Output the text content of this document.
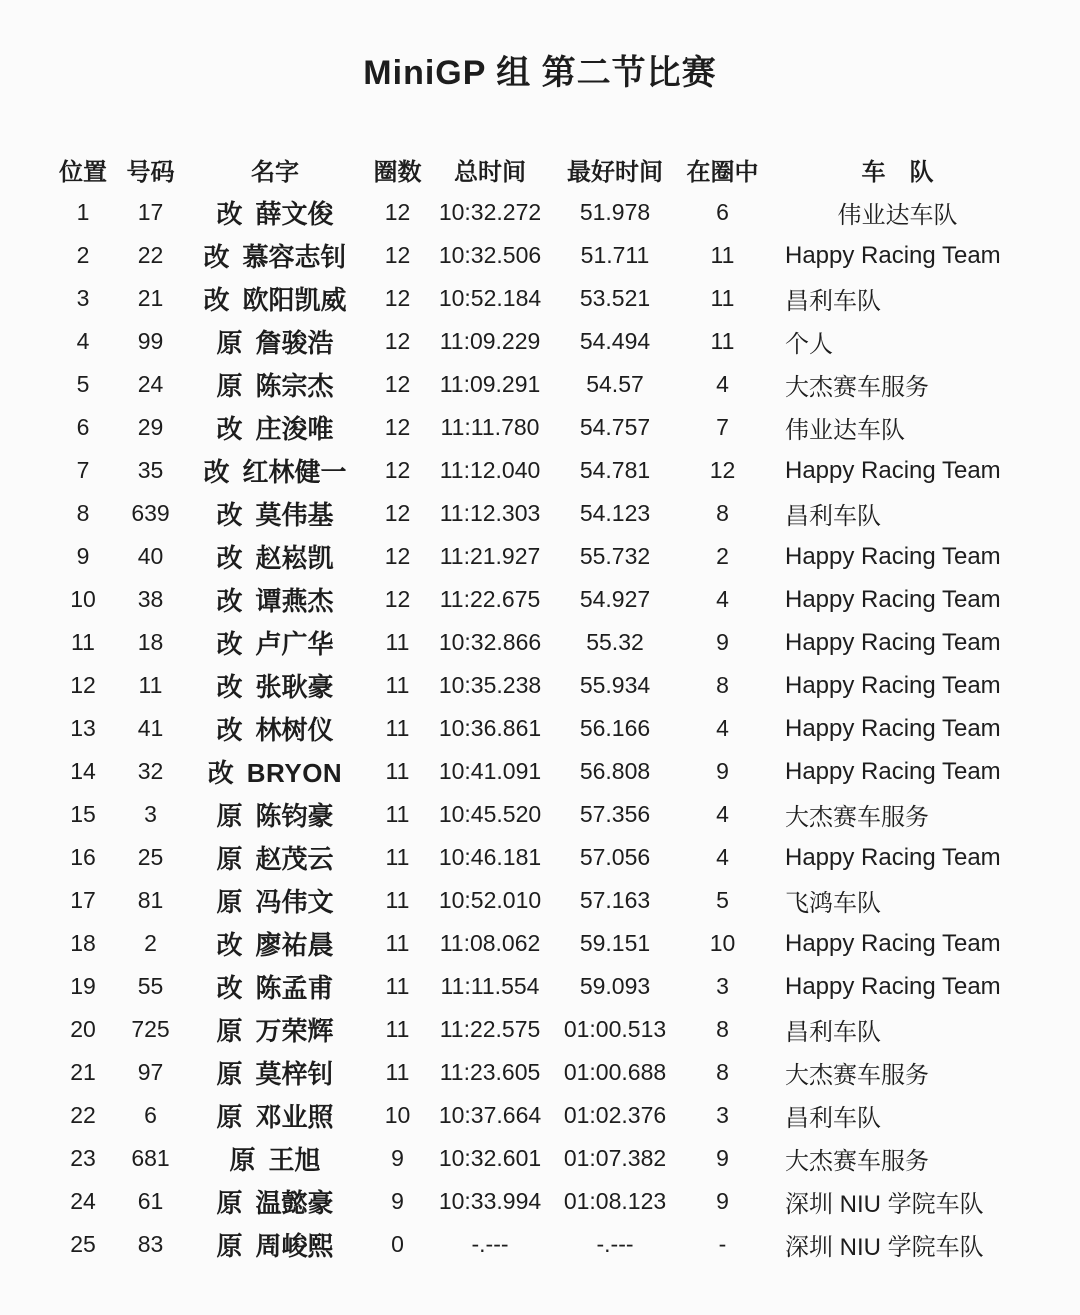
MiniGP 组 第二节比赛
位置	号码	名字	圈数	总时间	最好时间	在圈中	车　队
1	17	改 薛文俊	12	10:32.272	51.978	6	伟业达车队
2	22	改 慕容志钊	12	10:32.506	51.711	11	Happy Racing Team
3	21	改 欧阳凯威	12	10:52.184	53.521	11	昌利车队
4	99	原 詹骏浩	12	11:09.229	54.494	11	个人
5	24	原 陈宗杰	12	11:09.291	54.57	4	大杰赛车服务
6	29	改 庄浚唯	12	11:11.780	54.757	7	伟业达车队
7	35	改 红林健一	12	11:12.040	54.781	12	Happy Racing Team
8	639	改 莫伟基	12	11:12.303	54.123	8	昌利车队
9	40	改 赵崧凯	12	11:21.927	55.732	2	Happy Racing Team
10	38	改 谭燕杰	12	11:22.675	54.927	4	Happy Racing Team
11	18	改 卢广华	11	10:32.866	55.32	9	Happy Racing Team
12	11	改 张耿豪	11	10:35.238	55.934	8	Happy Racing Team
13	41	改 林树仪	11	10:36.861	56.166	4	Happy Racing Team
14	32	改 BRYON	11	10:41.091	56.808	9	Happy Racing Team
15	3	原 陈钧豪	11	10:45.520	57.356	4	大杰赛车服务
16	25	原 赵茂云	11	10:46.181	57.056	4	Happy Racing Team
17	81	原 冯伟文	11	10:52.010	57.163	5	飞鸿车队
18	2	改 廖祐晨	11	11:08.062	59.151	10	Happy Racing Team
19	55	改 陈孟甫	11	11:11.554	59.093	3	Happy Racing Team
20	725	原 万荣辉	11	11:22.575	01:00.513	8	昌利车队
21	97	原 莫梓钊	11	11:23.605	01:00.688	8	大杰赛车服务
22	6	原 邓业照	10	10:37.664	01:02.376	3	昌利车队
23	681	原 王旭	9	10:32.601	01:07.382	9	大杰赛车服务
24	61	原 温懿豪	9	10:33.994	01:08.123	9	深圳 NIU 学院车队
25	83	原 周峻熙	0	-.---	-.---	-	深圳 NIU 学院车队
